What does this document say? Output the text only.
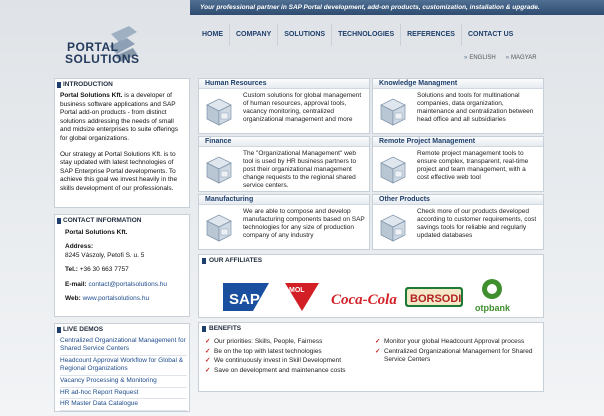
Your professional partner in SAP Portal development, add-on products, customization, installation & upgrade.
PORTAL
SOLUTIONS
HOME	COMPANY	SOLUTIONS	TECHNOLOGIES	REFERENCES	CONTACT US
» ENGLISH » MAGYAR
INTRODUCTION

Portal Solutions Kft. is a developer of business software applications and SAP Portal add-on products - from distinct solutions addressing the needs of small and midsize enterprises to suite offerings for global organizations.

Our strategy at Portal Solutions Kft. is to stay updated with latest technologies of SAP Enterprise Portal developments. To achieve this goal we invest heavily in the skills development of our professionals.

CONTACT INFORMATION
Portal Solutions Kft.
Address:
8245 Vászoly, Petofi S. u. 5
Tel.: +36 30 663 7757
E-mail: contact@portalsolutions.hu
Web: www.portalsolutions.hu
LIVE DEMOS
Centralized Organizational Management for Shared Service Centers
Headcount Approval Workflow for Global & Regional Organizations
Vacancy Processing & Monitoring
HR ad-hoc Report Request
HR Master Data Catalogue
Human Resources
Custom solutions for global management of human resources, approval tools, vacancy monitoring, centralized organizational management and more
Knowledge Managment
Solutions and tools for multinational companies, data organization, maintenance and centralization between head office and all subsidiaries
Finance
The "Organizational Management" web tool is used by HR business partners to post their organizational management change requests to the regional shared service centers.
Remote Project Management
Remote project management tools to ensure complex, transparent, real-time project and team management, with a cost effective web tool
Manufacturing
We are able to compose and develop manufacturing components based on SAP technologies for any size of production company of any industry
Other Products
Check more of our products developed according to customer requirements, cost savings tools for reliable and regularly updated databases
OUR AFFILIATES
SAP
MOL
Coca-Cola BORSODI
otpbank
BENEFITS
✓ Our priorities: Skills, People, Fairness
✓ Be on the top with latest technologies
✓ We continuously invest in Skill Development
✓ Save on development and maintenance costs
✓ Monitor your global Headcount Approval process
✓ Centralized Organizational Management for Shared Service Centers
